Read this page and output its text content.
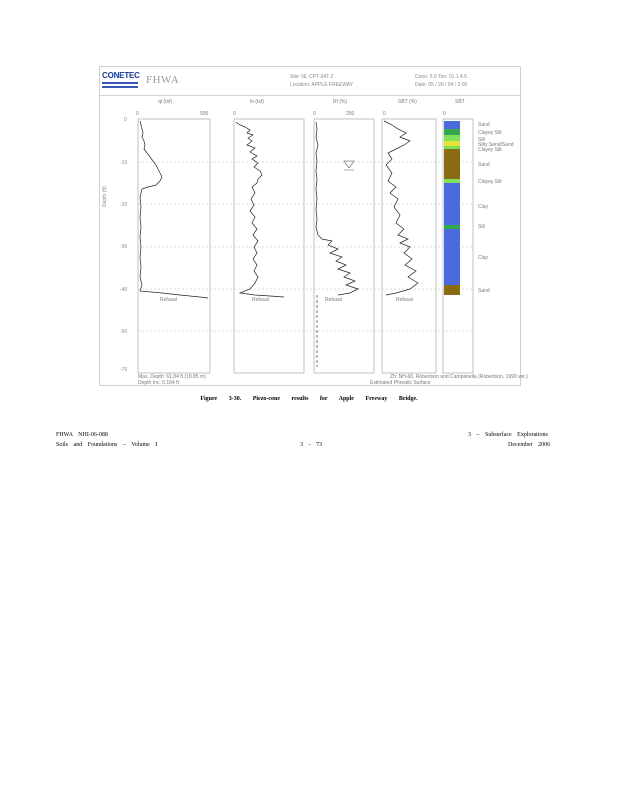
CONETEC FHWA	Site: NL:CPT-04T-2
Location: APPLE FREEWAY
Cone: 5.0 Ton: 01.1.4.5
Date: 05 / 20 / 04 / 2:00
qt (tsf)	fs (tsf)	Rf (%)	SBT (%)	SBT
0	500	0	0	250	0	0
Depth (ft)
0
-10
-20
-30
-40
-50
-70
Refusal	Refusal	Refusal	Refusal
Sand
Clayey Silt
Silt
Silty Sand/Sand
Clayey Silt
Sand
Clayey Silt
Clay
Silt
Clay
Sand
Max. Depth: 61.84 ft (18.85 m)
Depth Inc: 0.164 ft	Estimated Phreatic Surface
Zh: NH-60, Robertson and Campanella (Robertson, 1990 ver.)
Figure 3-30. Piezo-cone results for Apple Freeway Bridge.
FHWA NHI-06-088
Soils and Foundations – Volume I	3 - 73
3 – Subsurface Explorations
December 2006
